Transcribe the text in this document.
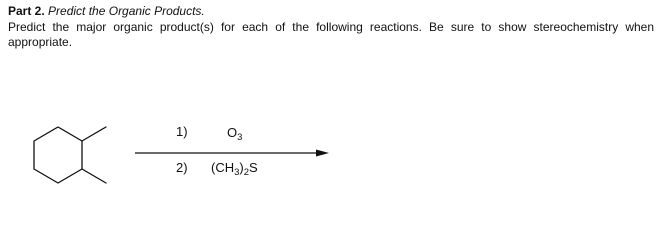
Part 2. Predict the Organic Products.
Predict the major organic product(s) for each of the following reactions. Be sure to show stereochemistry when appropriate.
1)	$O_3$
2) $(CH_3)_2S$
